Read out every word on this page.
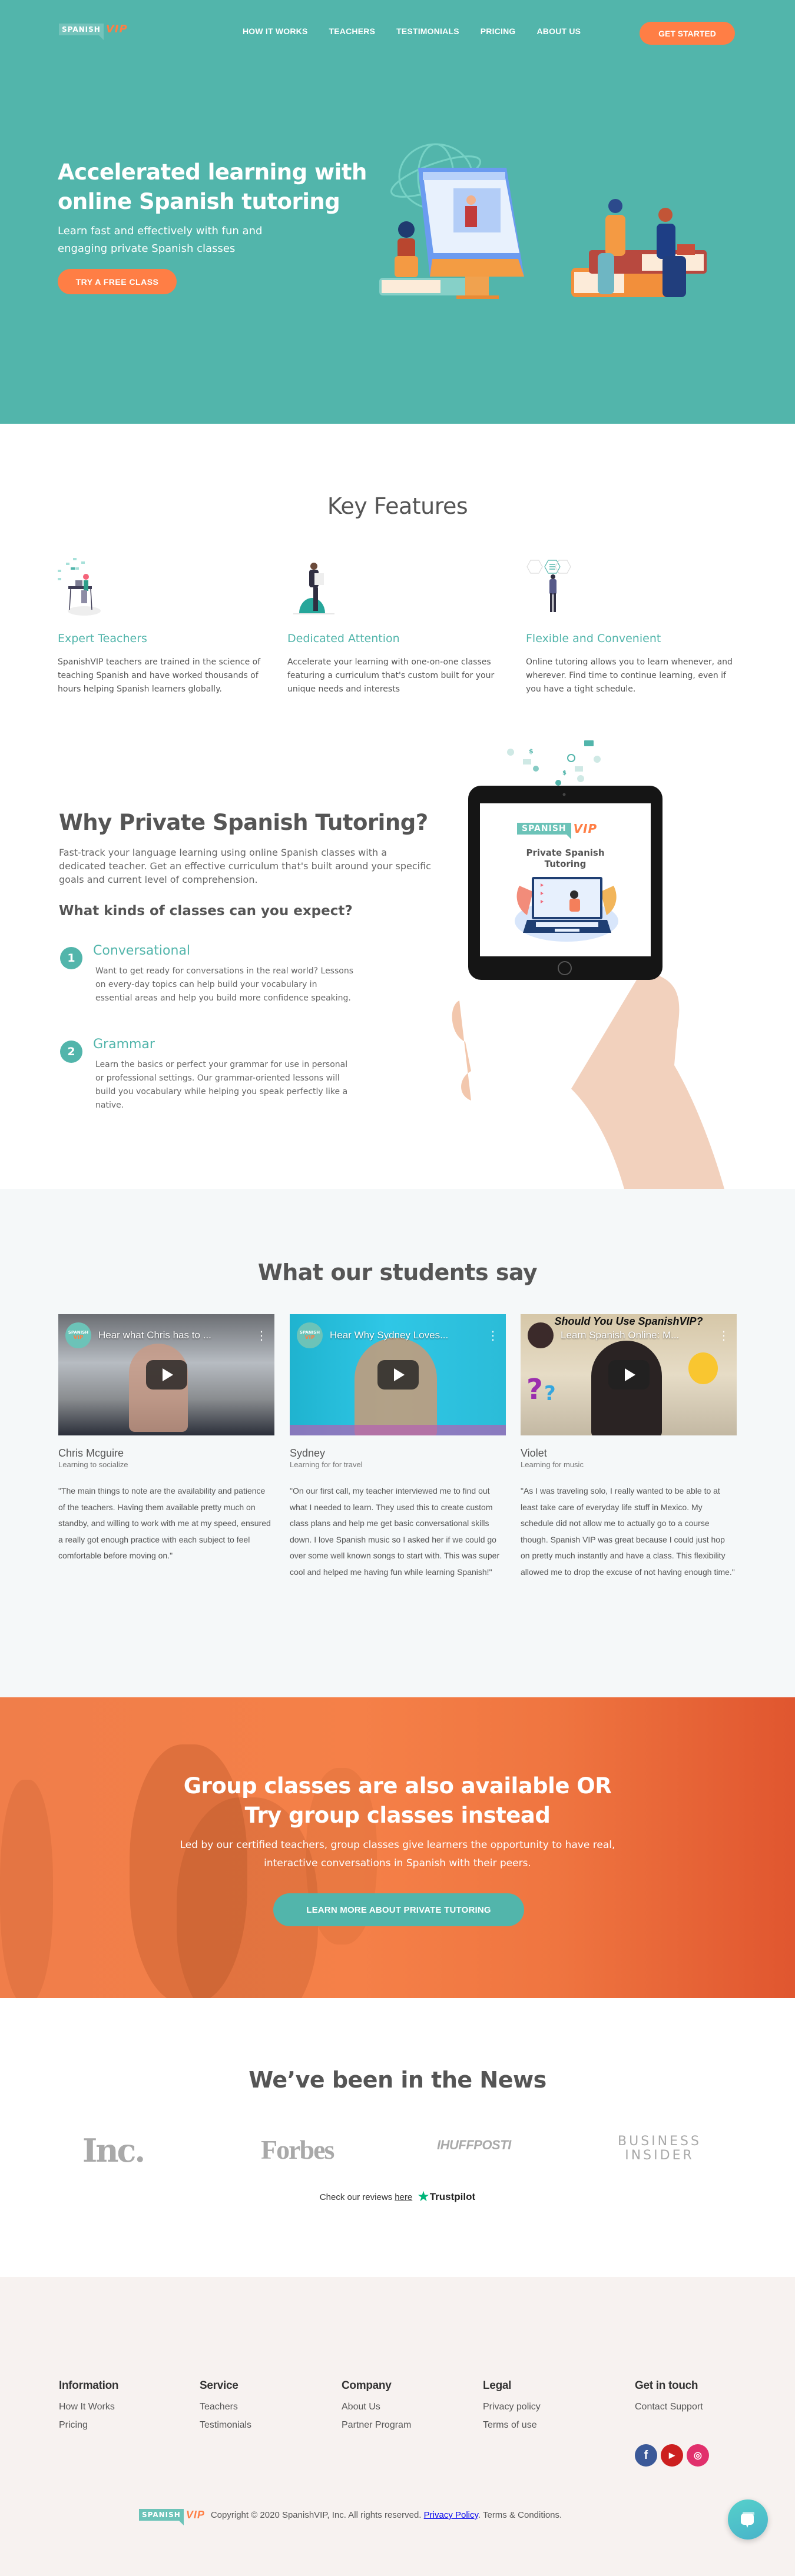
SPANISH VIP	HOW IT WORKS	TEACHERS	TESTIMONIALS	PRICING	ABOUT US	GET STARTED
Accelerated learning with online Spanish tutoring

Learn fast and effectively with fun and engaging private Spanish classes

TRY A FREE CLASS
Key Features
Expert Teachers

SpanishVIP teachers are trained in the science of teaching Spanish and have worked thousands of hours helping Spanish learners globally.

Dedicated Attention

Accelerate your learning with one-on-one classes featuring a curriculum that's custom built for your unique needs and interests

Flexible and Convenient

Online tutoring allows you to learn whenever, and wherever. Find time to continue learning, even if you have a tight schedule.

Why Private Spanish Tutoring?

Fast-track your language learning using online Spanish classes with a dedicated teacher. Get an effective curriculum that's built around your specific goals and current level of comprehension.

What kinds of classes can you expect?
1	Conversational

Want to get ready for conversations in the real world? Lessons on every-day topics can help build your vocabulary in essential areas and help you build more confidence speaking.

2	Grammar

Learn the basics or perfect your grammar for use in personal or professional settings. Our grammar-oriented lessons will build you vocabulary while helping you speak perfectly like a native.

$
$
SPANISH VIP
Private Spanish Tutoring
What our students say
SPANISH
VIP Hear what Chris has to ...	⋮
Chris Mcguire
Learning to socialize

"The main things to note are the availability and patience of the teachers. Having them available pretty much on standby, and willing to work with me at my speed, ensured a really got enough practice with each subject to feel comfortable before moving on."

SPANISH
VIP Hear Why Sydney Loves...	⋮
Sydney
Learning for for travel

"On our first call, my teacher interviewed me to find out what I needed to learn. They used this to create custom class plans and help me get basic conversational skills down. I love Spanish music so I asked her if we could go over some well known songs to start with. This was super cool and helped me having fun while learning Spanish!"

Should You Use SpanishVIP?
? ?
Learn Spanish Online: M...	⋮
Violet
Learning for music

"As I was traveling solo, I really wanted to be able to at least take care of everyday life stuff in Mexico. My schedule did not allow me to actually go to a course though. Spanish VIP was great because I could just hop on pretty much instantly and have a class. This flexibility allowed me to drop the excuse of not having enough time."

Group classes are also available OR
Try group classes instead

Led by our certified teachers, group classes give learners the opportunity to have real, interactive conversations in Spanish with their peers.

LEARN MORE ABOUT PRIVATE TUTORING
We’ve been in the News
Inc.	Forbes	IHUFFPOSTI	BUSINESS INSIDER
Check our reviews here ★ Trustpilot
Information
How It Works
Pricing
Service
Teachers
Testimonials
Company
About Us
Partner Program
Legal
Privacy policy
Terms of use
Get in touch
Contact Support
f	▶	◎
SPANISH VIP Copyright © 2020 SpanishVIP, Inc. All rights reserved. Privacy Policy. Terms & Conditions.
